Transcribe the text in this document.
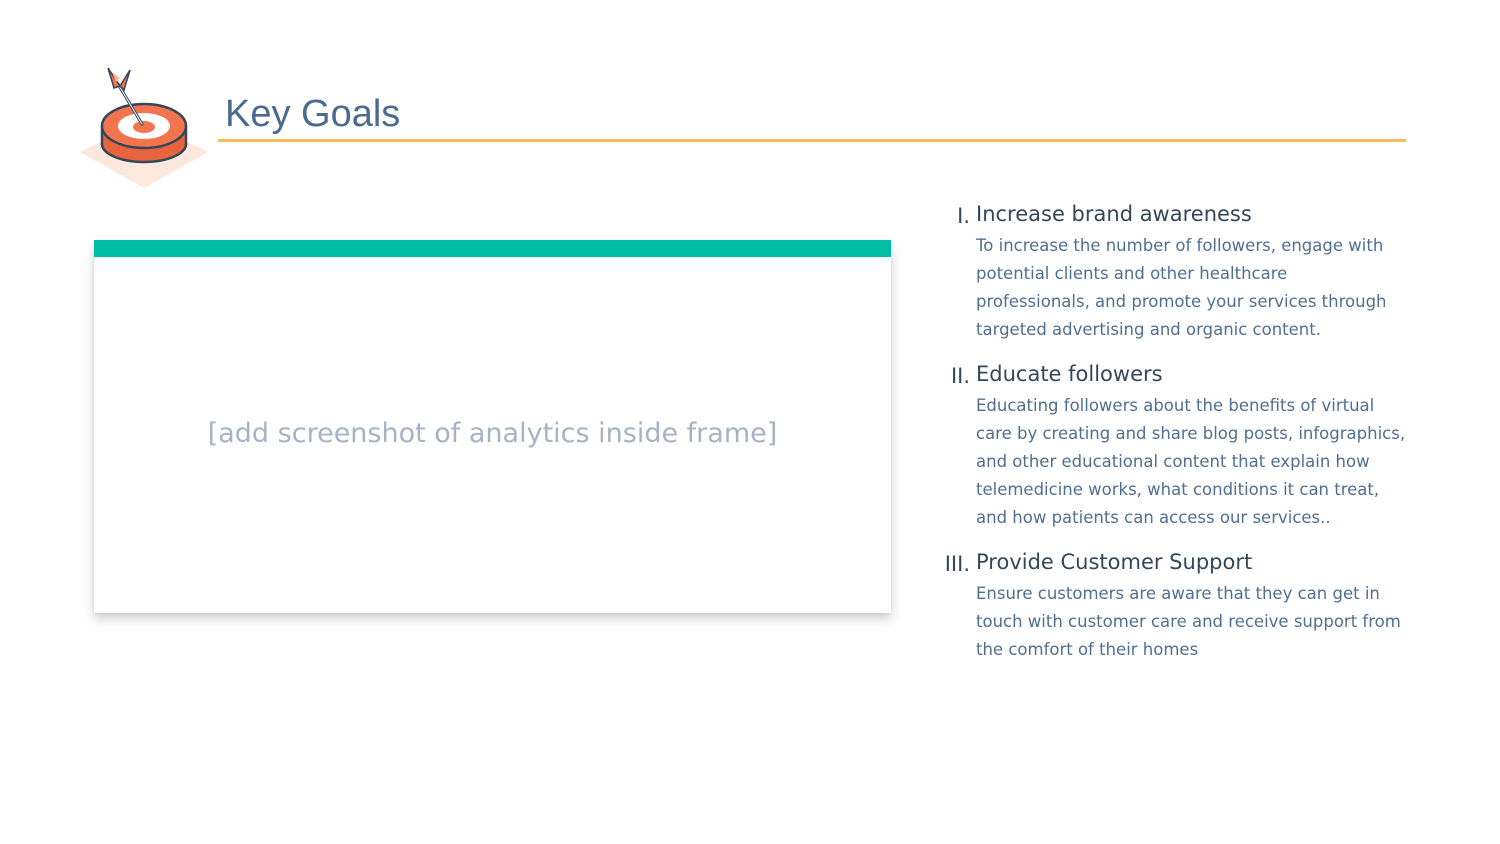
Key Goals
[add screenshot of analytics inside frame]
I. Increase brand awareness

To increase the number of followers, engage with potential clients and other healthcare professionals, and promote your services through targeted advertising and organic content.

II. Educate followers

Educating followers about the benefits of virtual care by creating and share blog posts, infographics, and other educational content that explain how telemedicine works, what conditions it can treat, and how patients can access our services..

III. Provide Customer Support

Ensure customers are aware that they can get in touch with customer care and receive support from the comfort of their homes
